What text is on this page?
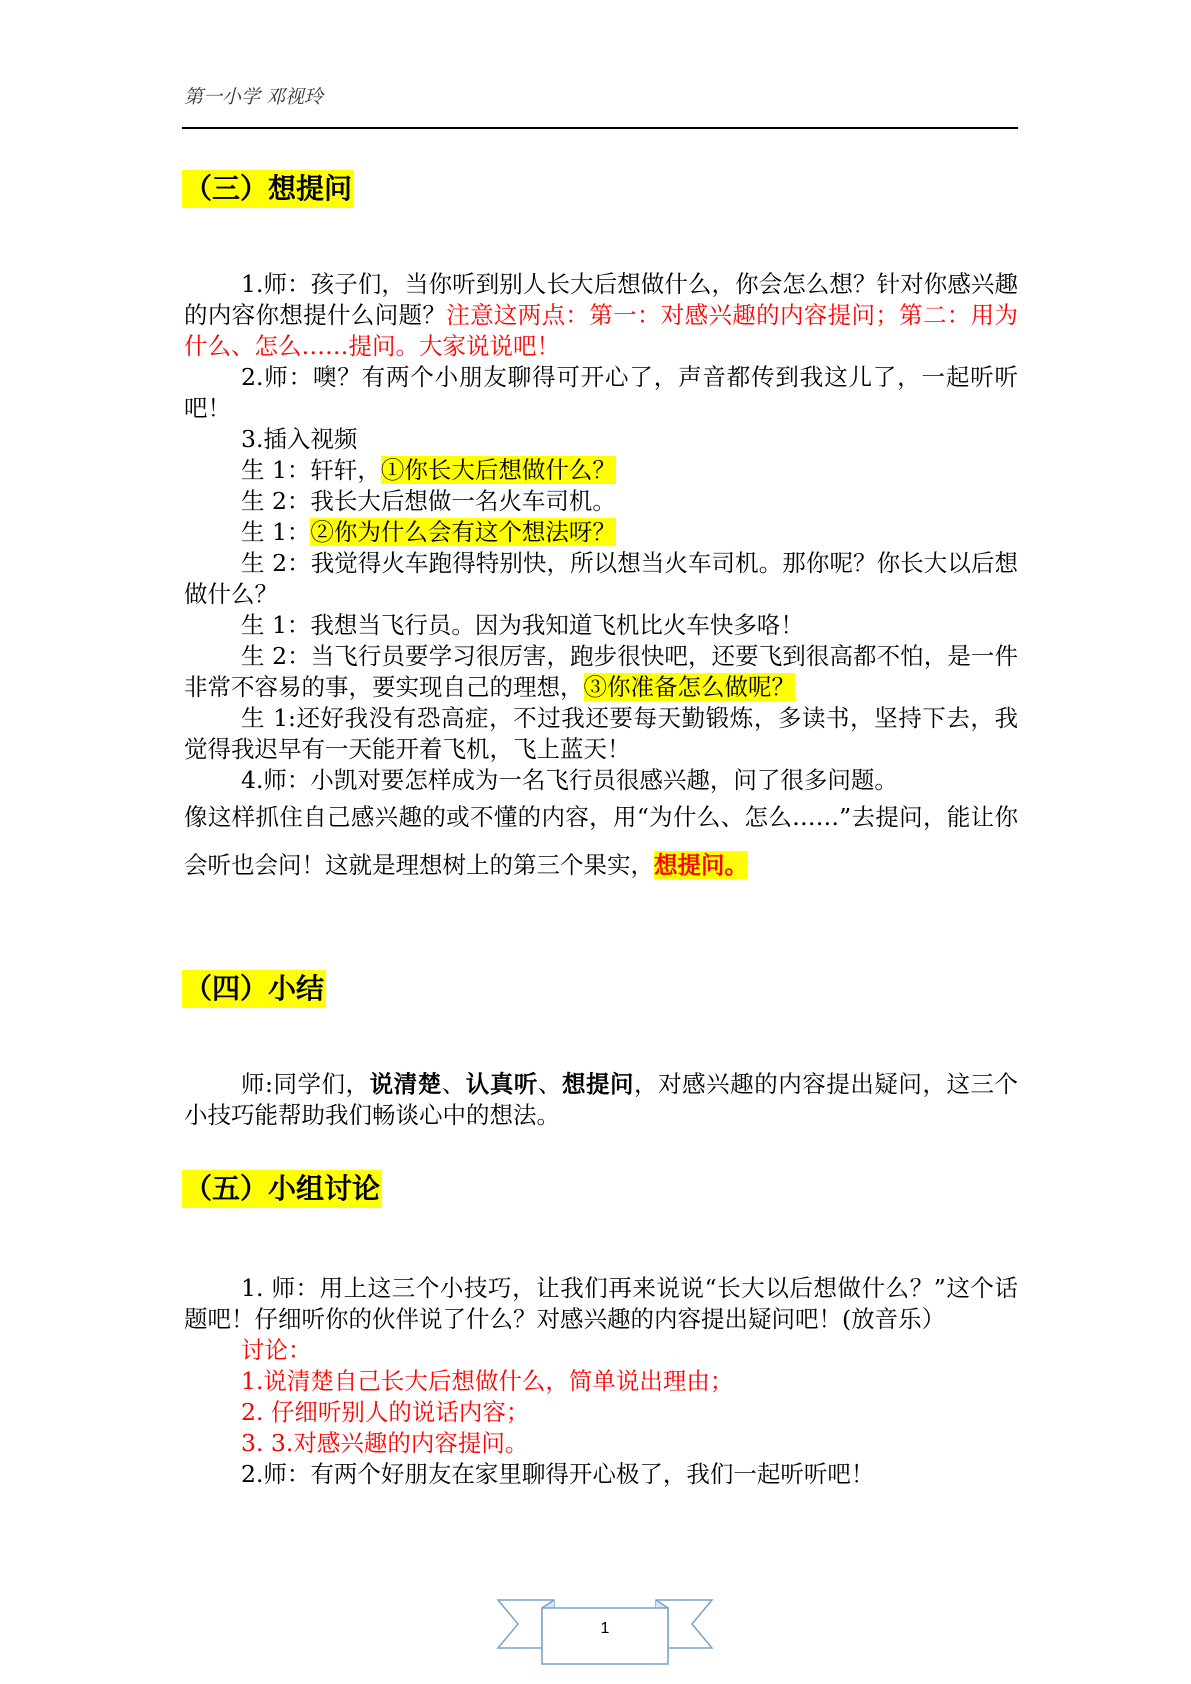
第一小学 邓视玲
（三）想提问

1.师：孩子们，当你听到别人长大后想做什么，你会怎么想？针对你感兴趣的内容你想提什么问题？注意这两点：第一：对感兴趣的内容提问；第二：用为什么、怎么……提问。大家说说吧！

2.师：噢？有两个小朋友聊得可开心了，声音都传到我这儿了，一起听听吧！

3.插入视频

生 1：轩轩，①你长大后想做什么？

生 2：我长大后想做一名火车司机。

生 1：②你为什么会有这个想法呀？

生 2：我觉得火车跑得特别快，所以想当火车司机。那你呢？你长大以后想做什么？

生 1：我想当飞行员。因为我知道飞机比火车快多咯！

生 2：当飞行员要学习很厉害，跑步很快吧，还要飞到很高都不怕，是一件非常不容易的事，要实现自己的理想，③你准备怎么做呢？

生 1:还好我没有恐高症，不过我还要每天勤锻炼，多读书，坚持下去，我觉得我迟早有一天能开着飞机，飞上蓝天！

4.师：小凯对要怎样成为一名飞行员很感兴趣，问了很多问题。

像这样抓住自己感兴趣的或不懂的内容，用“为什么、怎么……”去提问，能让你会听也会问！这就是理想树上的第三个果实，想提问。

（四）小结

师:同学们，说清楚、认真听、想提问，对感兴趣的内容提出疑问，这三个小技巧能帮助我们畅谈心中的想法。

（五）小组讨论

1. 师：用上这三个小技巧，让我们再来说说“长大以后想做什么？”这个话题吧！仔细听你的伙伴说了什么？对感兴趣的内容提出疑问吧！(放音乐）

讨论：

1.说清楚自己长大后想做什么，简单说出理由；

2. 仔细听别人的说话内容；

3. 3.对感兴趣的内容提问。

2.师：有两个好朋友在家里聊得开心极了，我们一起听听吧！

1
